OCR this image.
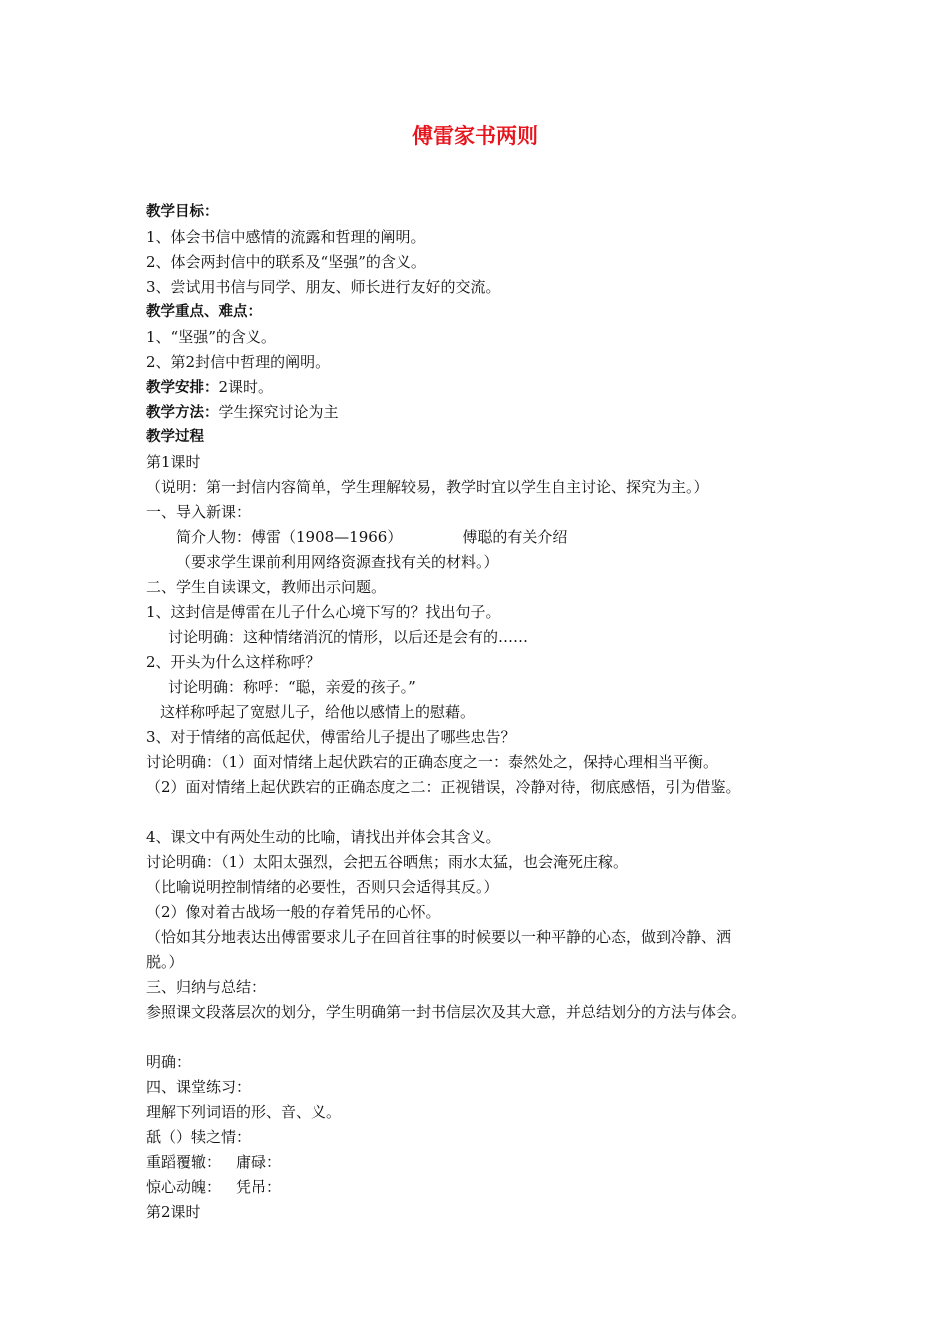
傅雷家书两则
教学目标：
1、体会书信中感情的流露和哲理的阐明。
2、体会两封信中的联系及“坚强”的含义。
3、尝试用书信与同学、朋友、师长进行友好的交流。
教学重点、难点：
1、“坚强”的含义。
2、第2封信中哲理的阐明。
教学安排：2课时。
教学方法：学生探究讨论为主
教学过程
第1课时
（说明：第一封信内容简单，学生理解较易，教学时宜以学生自主讨论、探究为主。）
一、导入新课：
简介人物：傅雷（1908—1966）	傅聪的有关介绍
（要求学生课前利用网络资源查找有关的材料。）
二、学生自读课文，教师出示问题。
1、这封信是傅雷在儿子什么心境下写的？找出句子。
讨论明确：这种情绪消沉的情形，以后还是会有的……
2、开头为什么这样称呼？
讨论明确：称呼：“聪，亲爱的孩子。”
这样称呼起了宽慰儿子，给他以感情上的慰藉。
3、对于情绪的高低起伏，傅雷给儿子提出了哪些忠告？
讨论明确：（1）面对情绪上起伏跌宕的正确态度之一：泰然处之，保持心理相当平衡。
（2）面对情绪上起伏跌宕的正确态度之二：正视错误，冷静对待，彻底感悟，引为借鉴。
4、课文中有两处生动的比喻，请找出并体会其含义。
讨论明确：（1）太阳太强烈，会把五谷晒焦；雨水太猛，也会淹死庄稼。
（比喻说明控制情绪的必要性，否则只会适得其反。）
（2）像对着古战场一般的存着凭吊的心怀。
（恰如其分地表达出傅雷要求儿子在回首往事的时候要以一种平静的心态，做到冷静、洒
脱。）
三、归纳与总结：
参照课文段落层次的划分，学生明确第一封书信层次及其大意，并总结划分的方法与体会。
明确：
四、课堂练习：
理解下列词语的形、音、义。
舐（）犊之情：
重蹈覆辙： 庸碌：
惊心动魄： 凭吊：
第2课时
